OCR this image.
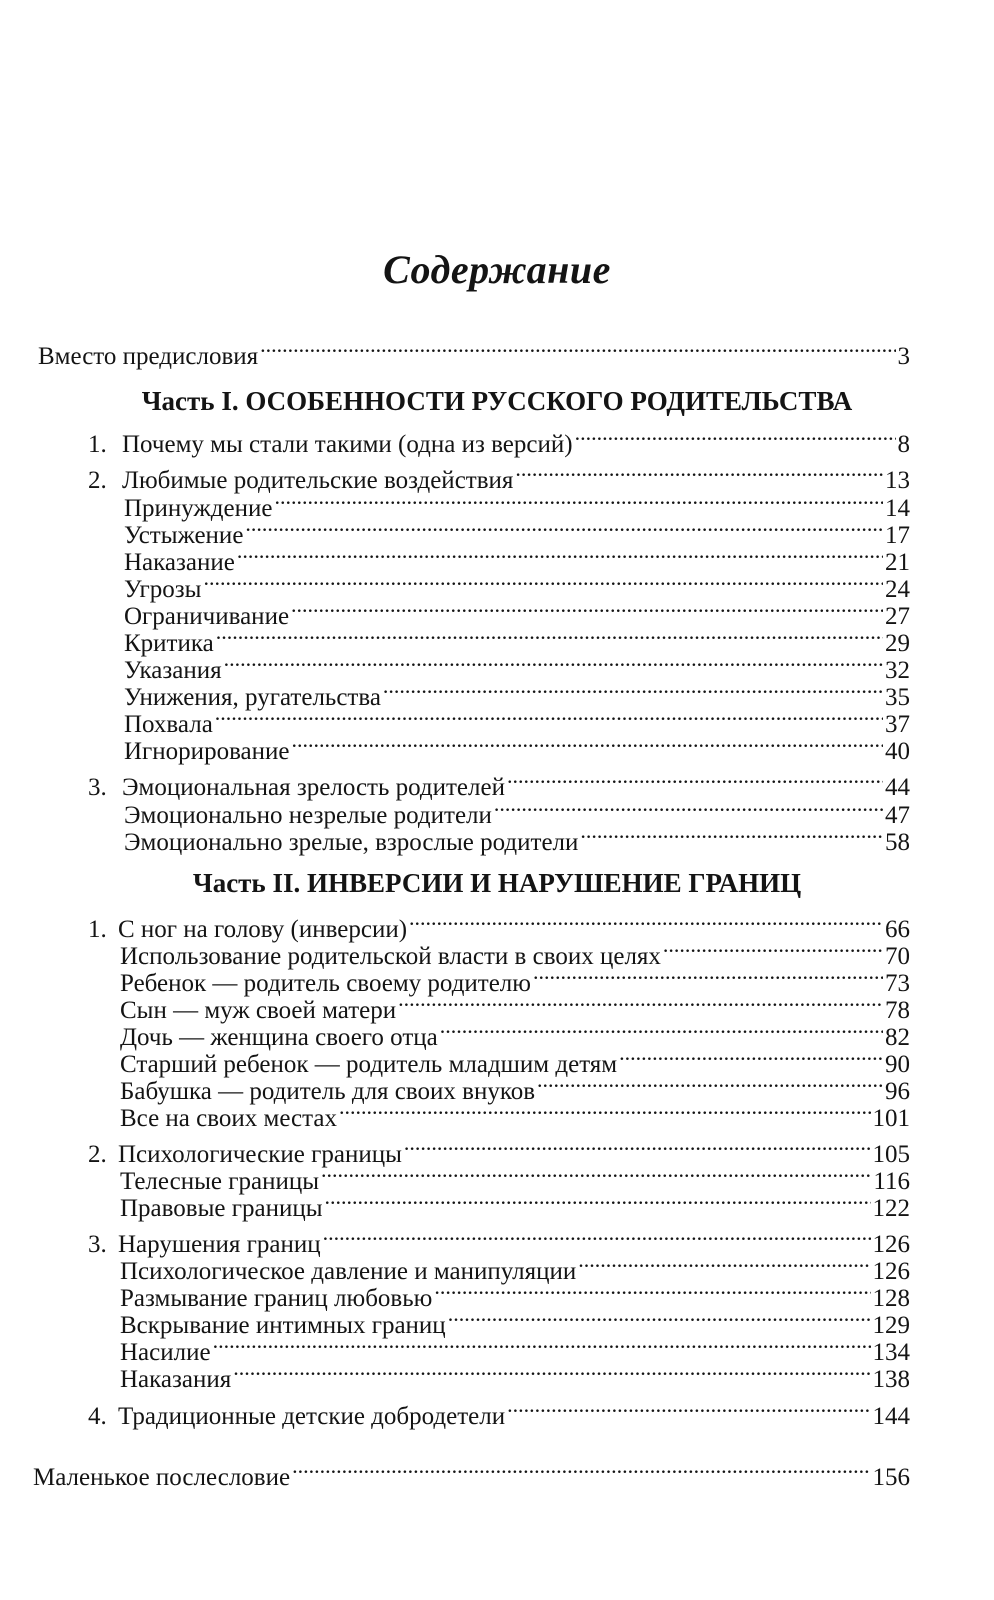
Содержание
Вместо предисловия .....	3
Часть I. ОСОБЕННОСТИ РУССКОГО РОДИТЕЛЬСТВА
1. Почему мы стали такими (одна из версий) .....	8
2. Любимые родительские воздействия .....	13
Принуждение .....	14
Устыжение .....	17
Наказание .....	21
Угрозы .....	24
Ограничивание .....	27
Критика .....	29
Указания .....	32
Унижения, ругательства .....	35
Похвала .....	37
Игнорирование .....	40
3. Эмоциональная зрелость родителей .....	44
Эмоционально незрелые родители .....	47
Эмоционально зрелые, взрослые родители .....	58
Часть II. ИНВЕРСИИ И НАРУШЕНИЕ ГРАНИЦ
1. С ног на голову (инверсии) .....	66
Использование родительской власти в своих целях .....	70
Ребенок — родитель своему родителю .....	73
Сын — муж своей матери .....	78
Дочь — женщина своего отца .....	82
Старший ребенок — родитель младшим детям .....	90
Бабушка — родитель для своих внуков .....	96
Все на своих местах .....	101
2. Психологические границы .....	105
Телесные границы .....	116
Правовые границы .....	122
3. Нарушения границ .....	126
Психологическое давление и манипуляции .....	126
Размывание границ любовью .....	128
Вскрывание интимных границ .....	129
Насилие .....	134
Наказания .....	138
4. Традиционные детские добродетели .....	144
Маленькое послесловие .....	156
